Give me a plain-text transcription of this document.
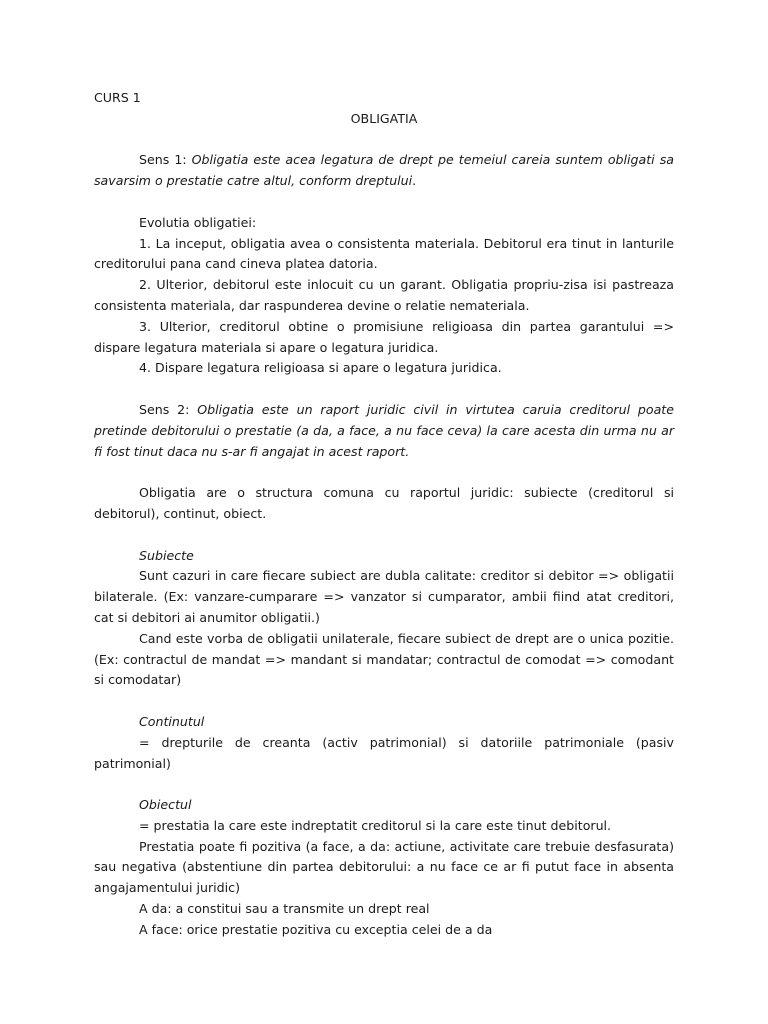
CURS 1

OBLIGATIA

Sens 1: Obligatia este acea legatura de drept pe temeiul careia suntem obligati sa savarsim o prestatie catre altul, conform dreptului.

Evolutia obligatiei:

1. La inceput, obligatia avea o consistenta materiala. Debitorul era tinut in lanturile creditorului pana cand cineva platea datoria.

2. Ulterior, debitorul este inlocuit cu un garant. Obligatia propriu-zisa isi pastreaza consistenta materiala, dar raspunderea devine o relatie nemateriala.

3. Ulterior, creditorul obtine o promisiune religioasa din partea garantului => dispare legatura materiala si apare o legatura juridica.

4. Dispare legatura religioasa si apare o legatura juridica.

Sens 2: Obligatia este un raport juridic civil in virtutea caruia creditorul poate pretinde debitorului o prestatie (a da, a face, a nu face ceva) la care acesta din urma nu ar fi fost tinut daca nu s-ar fi angajat in acest raport.

Obligatia are o structura comuna cu raportul juridic: subiecte (creditorul si debitorul), continut, obiect.

Subiecte

Sunt cazuri in care fiecare subiect are dubla calitate: creditor si debitor => obligatii bilaterale. (Ex: vanzare-cumparare => vanzator si cumparator, ambii fiind atat creditori, cat si debitori ai anumitor obligatii.)

Cand este vorba de obligatii unilaterale, fiecare subiect de drept are o unica pozitie. (Ex: contractul de mandat => mandant si mandatar; contractul de comodat => comodant si comodatar)

Continutul

= drepturile de creanta (activ patrimonial) si datoriile patrimoniale (pasiv patrimonial)

Obiectul

= prestatia la care este indreptatit creditorul si la care este tinut debitorul.

Prestatia poate fi pozitiva (a face, a da: actiune, activitate care trebuie desfasurata) sau negativa (abstentiune din partea debitorului: a nu face ce ar fi putut face in absenta angajamentului juridic)

A da: a constitui sau a transmite un drept real

A face: orice prestatie pozitiva cu exceptia celei de a da
